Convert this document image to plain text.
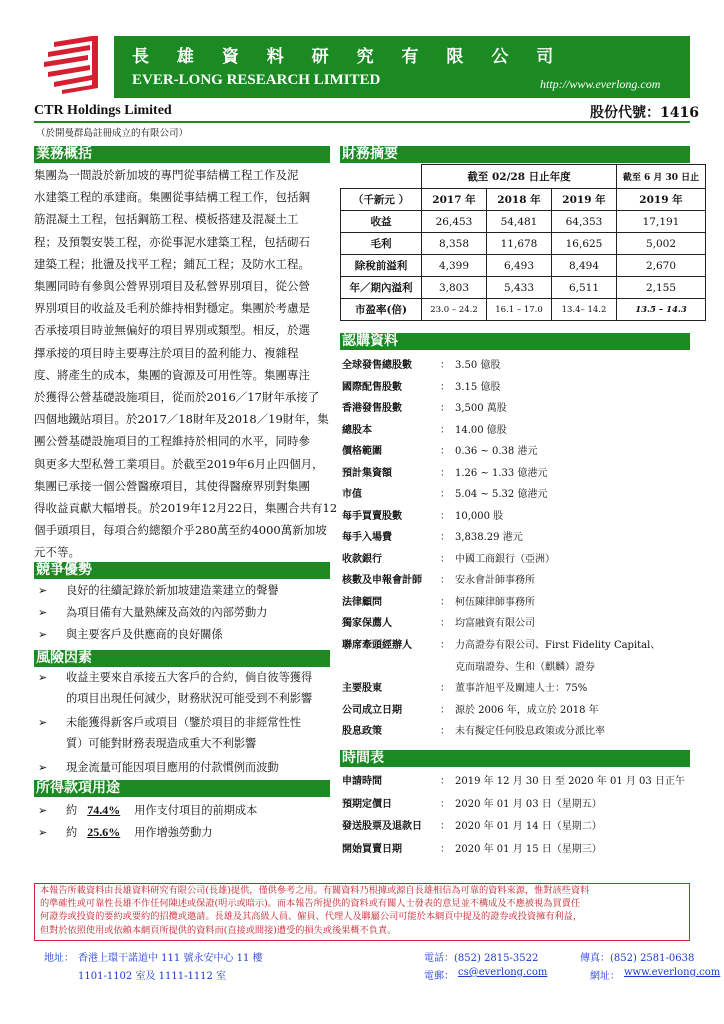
長 雄 資 料 研 究 有 限 公 司
EVER-LONG RESEARCH LIMITED	http://www.everlong.com
CTR Holdings Limited	股份代號：1416
（於開曼群島註冊成立的有限公司）
業務概括
集團為一間設於新加坡的專門從事結構工程工作及泥
水建築工程的承建商。集團從事結構工程工作，包括鋼
筋混凝土工程，包括鋼筋工程、模板搭建及混凝土工
程；及預製安裝工程，亦從事泥水建築工程，包括砌石
建築工程；批盪及找平工程；鋪瓦工程；及防水工程。
集團同時有參與公營界別項目及私營界別項目，從公營
界別項目的收益及毛利於維持相對穩定。集團於考慮是
否承接項目時並無偏好的項目界別或類型。相反，於選
擇承接的項目時主要專注於項目的盈利能力、複雜程
度、將產生的成本，集團的資源及可用性等。集團專注
於獲得公營基礎設施項目，從而於2016／17財年承接了
四個地鐵站項目。於2017／18財年及2018／19財年，集
團公營基礎設施項目的工程維持於相同的水平，同時參
與更多大型私營工業項目。於截至2019年6月止四個月，
集團已承接一個公營醫療項目，其使得醫療界別對集團
得收益貢獻大幅增長。於2019年12月22日，集團合共有12
個手頭項目，每項合約總額介乎280萬至約4000萬新加坡
元不等。
競爭優勢
➢ 良好的往續記錄於新加坡建造業建立的聲譽
➢ 為項目備有大量熟練及高效的內部勞動力
➢ 與主要客戶及供應商的良好關係
風險因素
➢ 收益主要來自承接五大客戶的合約，倘自彼等獲得
的項目出現任何減少，財務狀況可能受到不利影響
➢ 未能獲得新客戶或項目（鑒於項目的非經常性性
質）可能對財務表現造成重大不利影響
➢ 現金流量可能因項目應用的付款慣例而波動
所得款項用途
➢ 約 74.4% 用作支付項目的前期成本
➢ 約 25.6% 用作增強勞動力
財務摘要
	截至 02/28 日止年度			截至 6 月 30 日止
（千新元 ）	2017 年	2018 年	2019 年	2019 年
收益	26,453	54,481	64,353	17,191
毛利	8,358	11,678	16,625	5,002
除稅前溢利	4,399	6,493	8,494	2,670
年／期內溢利	3,803	5,433	6,511	2,155
市盈率(倍)	23.0 – 24.2	16.1 – 17.0	13.4– 14.2	13.5 – 14.3
認購資料
全球發售總股數	： 3.50 億股
國際配售股數	： 3.15 億股
香港發售股數	： 3,500 萬股
總股本	： 14.00 億股
價格範圍	： 0.36 ~ 0.38 港元
預計集資額	： 1.26 ~ 1.33 億港元
市值	： 5.04 ~ 5.32 億港元
每手買賣股數	： 10,000 股
每手入場費	： 3,838.29 港元
收款銀行	： 中國工商銀行（亞洲）
核數及申報會計師 ： 安永會計師事務所
法律顧問	： 柯伍陳律師事務所
獨家保薦人	： 均富融資有限公司
聯席牽頭經辦人	： 力高證券有限公司、First Fidelity Capital、
克而瑞證券、生和（麒麟）證券
主要股東	： 董事許旭平及關連人士：75%
公司成立日期	： 源於 2006 年，成立於 2018 年
股息政策	： 未有擬定任何股息政策或分派比率
時間表
申請時間	： 2019 年 12 月 30 日 至 2020 年 01 月 03 日正午
預期定價日	： 2020 年 01 月 03 日（星期五）
發送股票及退款日 ： 2020 年 01 月 14 日（星期二）
開始買賣日期	： 2020 年 01 月 15 日（星期三）
本報告所載資料由長雄資料研究有限公司(長雄)提供，僅供參考之用。有關資料乃根據或源自長雄相信為可靠的資料來源，惟對該些資料
的準確性或可靠性長雄不作任何陳述或保證(明示或暗示)。而本報告所提供的資料或有關人士發表的意見並不構成及不應被視為買賣任
何證券或投資的要約或要約的招攬或邀請。長雄及其高級人員、僱員、代理人及聯屬公司可能於本網頁中提及的證券或投資擁有利益，
但對於依照使用或依賴本網頁所提供的資料而(直接或間接)遭受的損失或後果概不負責。
地址： 香港上環干諾道中 111 號永安中心 11 樓
1101-1102 室及 1111-1112 室
電話：(852) 2815-3522	傳真：(852) 2581-0638
電郵： cs@everlong.com	網址： www.everlong.com
